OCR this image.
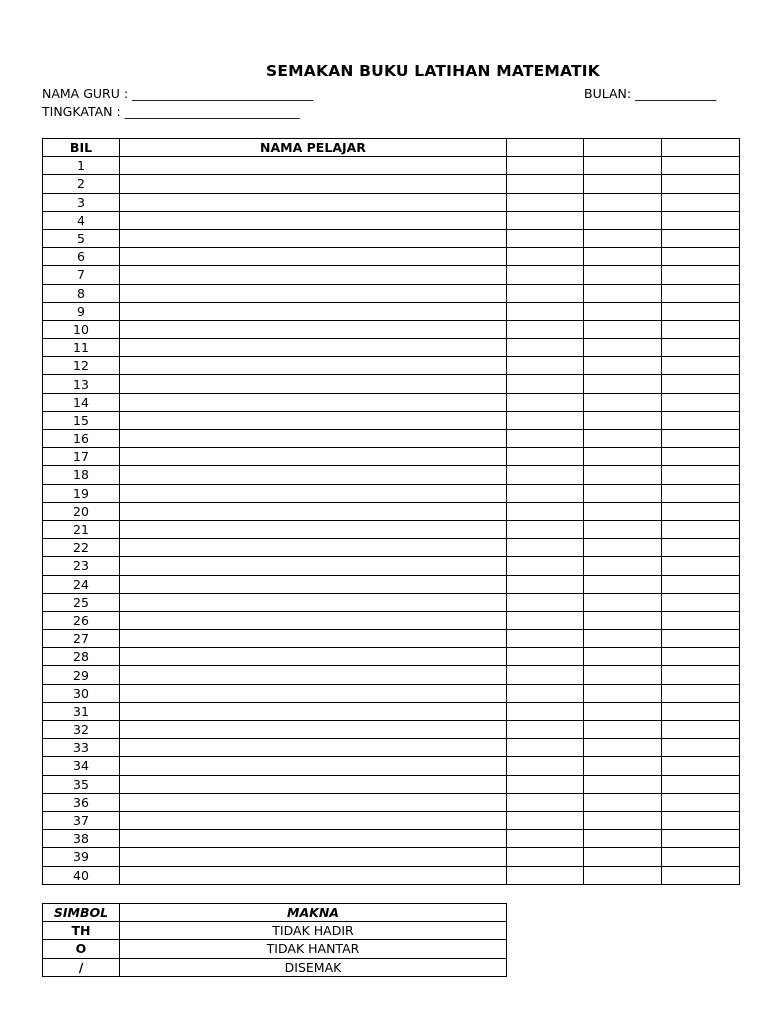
SEMAKAN BUKU LATIHAN MATEMATIK
NAMA GURU : _____________________________	BULAN: _____________
TINGKATAN : ____________________________
BIL	NAMA PELAJAR			
1				
2				
3				
4				
5				
6				
7				
8				
9				
10				
11				
12				
13				
14				
15				
16				
17				
18				
19				
20				
21				
22				
23				
24				
25				
26				
27				
28				
29				
30				
31				
32				
33				
34				
35				
36				
37				
38				
39				
40				
SIMBOL	MAKNA
TH	TIDAK HADIR
O	TIDAK HANTAR
/	DISEMAK
